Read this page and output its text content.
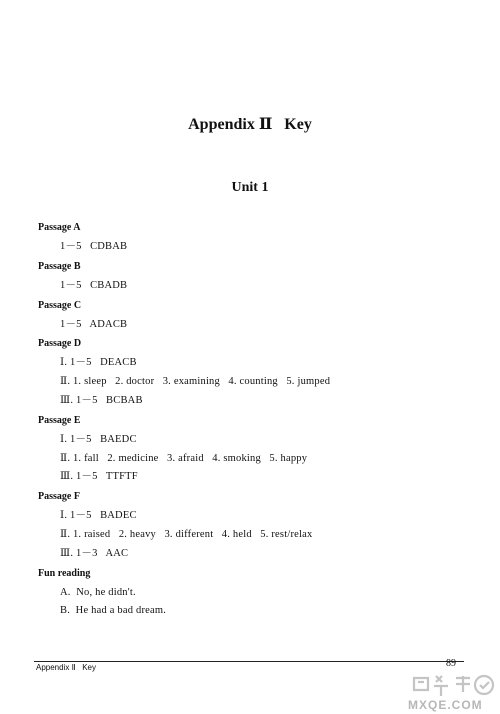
Appendix Ⅱ   Key
Unit 1
Passage A
1－5   CDBAB
Passage B
1－5   CBADB
Passage C
1－5   ADACB
Passage D
Ⅰ. 1－5   DEACB
Ⅱ. 1. sleep   2. doctor   3. examining   4. counting   5. jumped
Ⅲ. 1－5   BCBAB
Passage E
Ⅰ. 1－5   BAEDC
Ⅱ. 1. fall   2. medicine   3. afraid   4. smoking   5. happy
Ⅲ. 1－5   TTFTF
Passage F
Ⅰ. 1－5   BADEC
Ⅱ. 1. raised   2. heavy   3. different   4. held   5. rest/relax
Ⅲ. 1－3   AAC
Fun reading
A.  No, he didn't.
B.  He had a bad dream.
Appendix Ⅱ   Key	89
MXQE.COM
